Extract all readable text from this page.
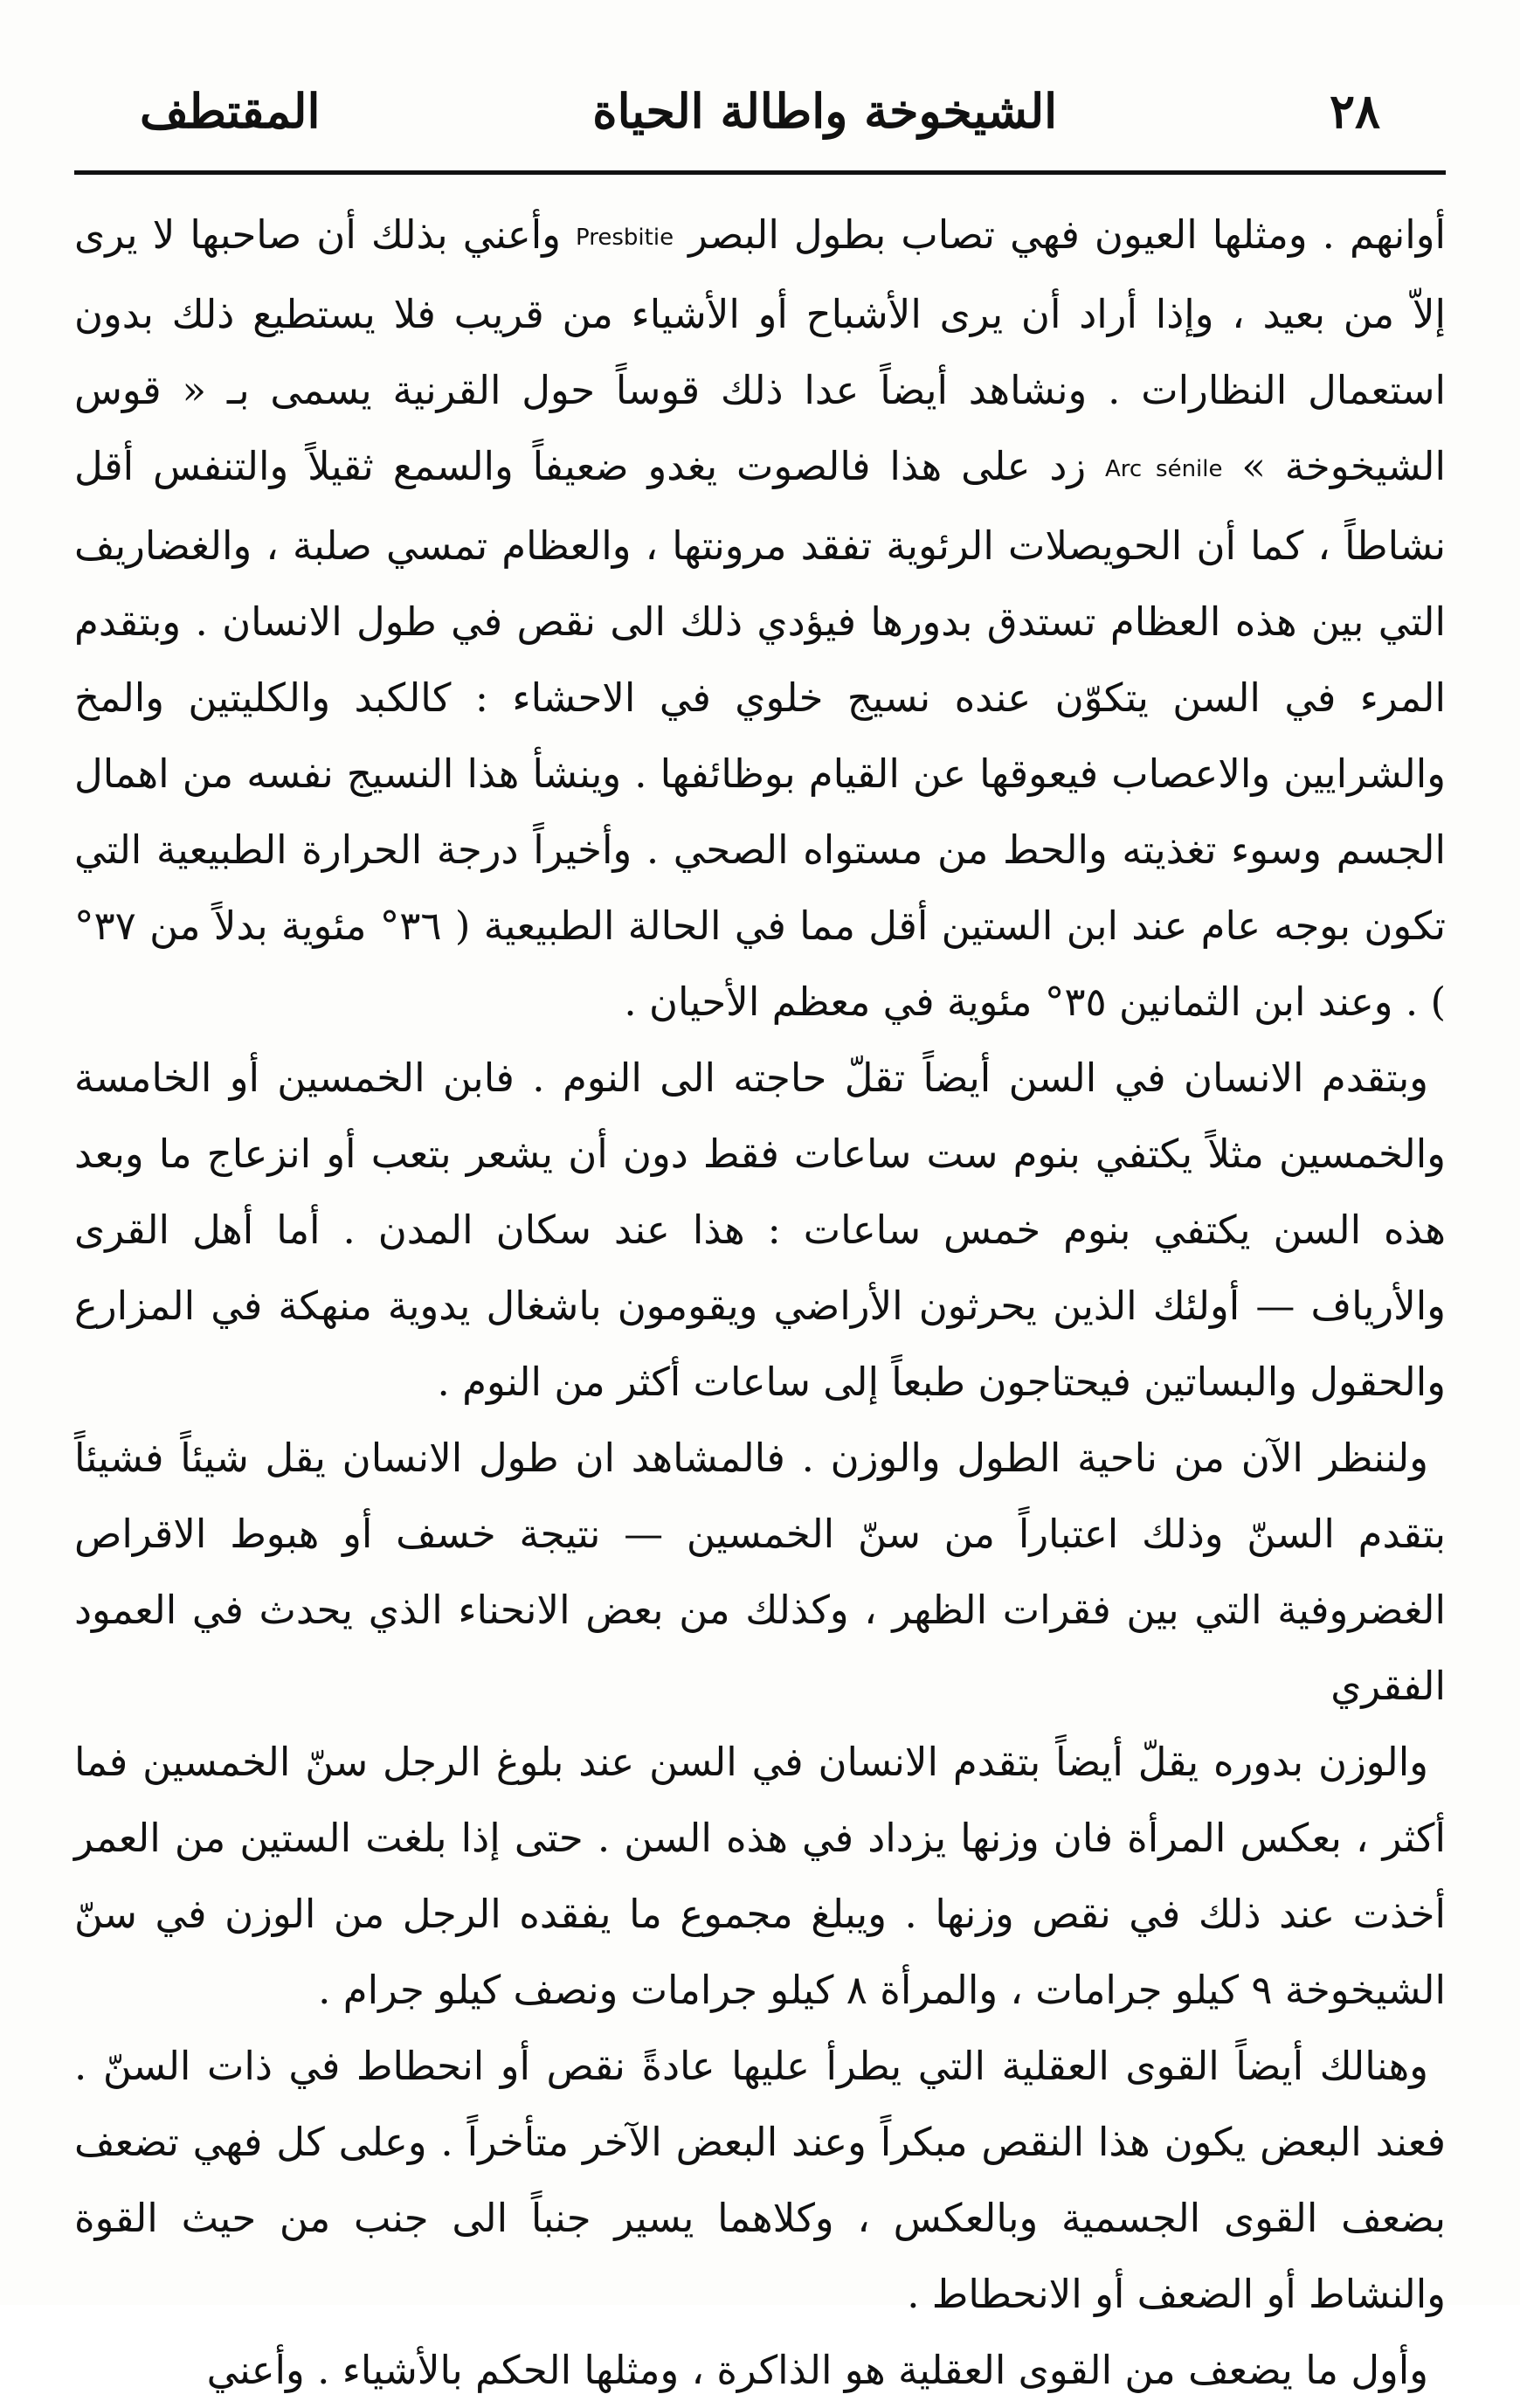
٢٨
الشيخوخة واطالة الحياة
المقتطف

أوانهم . ومثلها العيون فهي تصاب بطول البصر Presbitie وأعني بذلك أن صاحبها لا يرى إلاّ من بعيد ، وإذا أراد أن يرى الأشباح أو الأشياء من قريب فلا يستطيع ذلك بدون استعمال النظارات . ونشاهد أيضاً عدا ذلك قوساً حول القرنية يسمى بـ « قوس الشيخوخة » Arc sénile زد على هذا فالصوت يغدو ضعيفاً والسمع ثقيلاً والتنفس أقل نشاطاً ، كما أن الحويصلات الرئوية تفقد مرونتها ، والعظام تمسي صلبة ، والغضاريف التي بين هذه العظام تستدق بدورها فيؤدي ذلك الى نقص في طول الانسان . وبتقدم المرء في السن يتكوّن عنده نسيج خلوي في الاحشاء : كالكبد والكليتين والمخ والشرايين والاعصاب فيعوقها عن القيام بوظائفها . وينشأ هذا النسيج نفسه من اهمال الجسم وسوء تغذيته والحط من مستواه الصحي . وأخيراً درجة الحرارة الطبيعية التي تكون بوجه عام عند ابن الستين أقل مما في الحالة الطبيعية ( ٣٦° مئوية بدلاً من ٣٧° ) . وعند ابن الثمانين ٣٥° مئوية في معظم الأحيان .

وبتقدم الانسان في السن أيضاً تقلّ حاجته الى النوم . فابن الخمسين أو الخامسة والخمسين مثلاً يكتفي بنوم ست ساعات فقط دون أن يشعر بتعب أو انزعاج ما وبعد هذه السن يكتفي بنوم خمس ساعات : هذا عند سكان المدن . أما أهل القرى والأرياف — أولئك الذين يحرثون الأراضي ويقومون باشغال يدوية منهكة في المزارع والحقول والبساتين فيحتاجون طبعاً إلى ساعات أكثر من النوم .

ولننظر الآن من ناحية الطول والوزن . فالمشاهد ان طول الانسان يقل شيئاً فشيئاً بتقدم السنّ وذلك اعتباراً من سنّ الخمسين — نتيجة خسف أو هبوط الاقراص الغضروفية التي بين فقرات الظهر ، وكذلك من بعض الانحناء الذي يحدث في العمود الفقري

والوزن بدوره يقلّ أيضاً بتقدم الانسان في السن عند بلوغ الرجل سنّ الخمسين فما أكثر ، بعكس المرأة فان وزنها يزداد في هذه السن . حتى إذا بلغت الستين من العمر أخذت عند ذلك في نقص وزنها . ويبلغ مجموع ما يفقده الرجل من الوزن في سنّ الشيخوخة ٩ كيلو جرامات ، والمرأة ٨ كيلو جرامات ونصف كيلو جرام .

وهنالك أيضاً القوى العقلية التي يطرأ عليها عادةً نقص أو انحطاط في ذات السنّ . فعند البعض يكون هذا النقص مبكراً وعند البعض الآخر متأخراً . وعلى كل فهي تضعف بضعف القوى الجسمية وبالعكس ، وكلاهما يسير جنباً الى جنب من حيث القوة والنشاط أو الضعف أو الانحطاط .

وأول ما يضعف من القوى العقلية هو الذاكرة ، ومثلها الحكم بالأشياء . وأعني
